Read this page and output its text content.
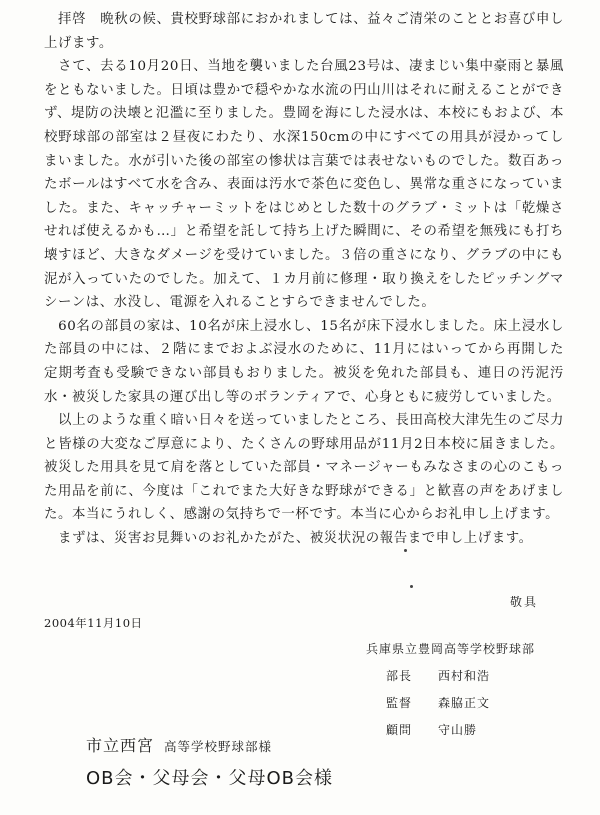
　拝啓　晩秋の候、貴校野球部におかれましては、益々ご清栄のこととお喜び申し上げます。

　さて、去る10月20日、当地を襲いました台風23号は、凄まじい集中豪雨と暴風をともないました。日頃は豊かで穏やかな水流の円山川はそれに耐えることができず、堤防の決壊と氾濫に至りました。豊岡を海にした浸水は、本校にもおよび、本校野球部の部室は２昼夜にわたり、水深150cmの中にすべての用具が浸かってしまいました。水が引いた後の部室の惨状は言葉では表せないものでした。数百あったボールはすべて水を含み、表面は汚水で茶色に変色し、異常な重さになっていました。また、キャッチャーミットをはじめとした数十のグラブ・ミットは「乾燥させれば使えるかも…」と希望を託して持ち上げた瞬間に、その希望を無残にも打ち壊すほど、大きなダメージを受けていました。３倍の重さになり、グラブの中にも泥が入っていたのでした。加えて、１カ月前に修理・取り換えをしたピッチングマシーンは、水没し、電源を入れることすらできませんでした。

　60名の部員の家は、10名が床上浸水し、15名が床下浸水しました。床上浸水した部員の中には、２階にまでおよぶ浸水のために、11月にはいってから再開した定期考査も受験できない部員もおりました。被災を免れた部員も、連日の汚泥汚水・被災した家具の運び出し等のボランティアで、心身ともに疲労していました。

　以上のような重く暗い日々を送っていましたところ、長田高校大津先生のご尽力と皆様の大変なご厚意により、たくさんの野球用品が11月2日本校に届きました。被災した用具を見て肩を落としていた部員・マネージャーもみなさまの心のこもった用品を前に、今度は「これでまた大好きな野球ができる」と歓喜の声をあげました。本当にうれしく、感謝の気持ちで一杯です。本当に心からお礼申し上げます。

　まずは、災害お見舞いのお礼かたがた、被災状況の報告まで申し上げます。

敬具
2004年11月10日
兵庫県立豊岡高等学校野球部
部長	西村和浩
監督	森脇正文
顧問	守山勝
市立西宮 高等学校野球部様
OB会・父母会・父母OB会様
